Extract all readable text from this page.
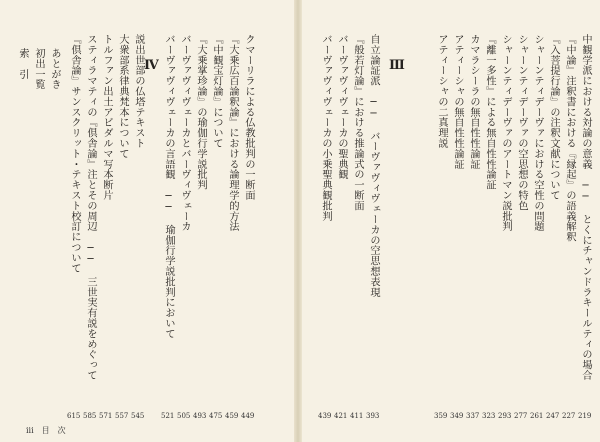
中観学派における対論の意義 ── とくにチャンドラキールティの場合
219
『中論』注釈書における『縁起』の語義解釈
227
『入菩提行論』の注釈文献について
247
シャーンティデーヴァにおける空性の問題
261
シャーンティデーヴァの空思想の特色
277
シャーンティデーヴァのアートマン説批判
293
『離一多性』による無自性性論証
323
カマラシーラの無自性性論証
337
アティーシャの無自性性論証
349
アティーシャの二真理説
359
自立論証派 ── バーヴァヴィヴェーカの空思想表現
393
『般若灯論』における推論式の一断面
411
バーヴァヴィヴェーカの聖典観
421
バーヴァヴィヴェーカの小乗聖典観批判
439
クマーリラによる仏教批判の一断面
449
『大乗広百論釈論』における論理学的方法
459
『中観宝灯論』について
475
『大乗掌珍論』の瑜伽行学説批判
493
バーヴァヴィヴェーカとバーヴィヴェーカ
505
バーヴァヴィヴェーカの言語観 ── 瑜伽行学説批判において
521
説出世部の仏塔テキスト
545
大衆部系律典梵本について
557
トルファン出土アビダルマ写本断片
571
スティラマティの『倶舎論』注とその周辺 ── 三世実有説をめぐって
585
『倶舎論』サンスクリット・テキスト校訂について
615
あとがき
初出一覧
索　引	Ⅲ
Ⅳ
iii　目　次
